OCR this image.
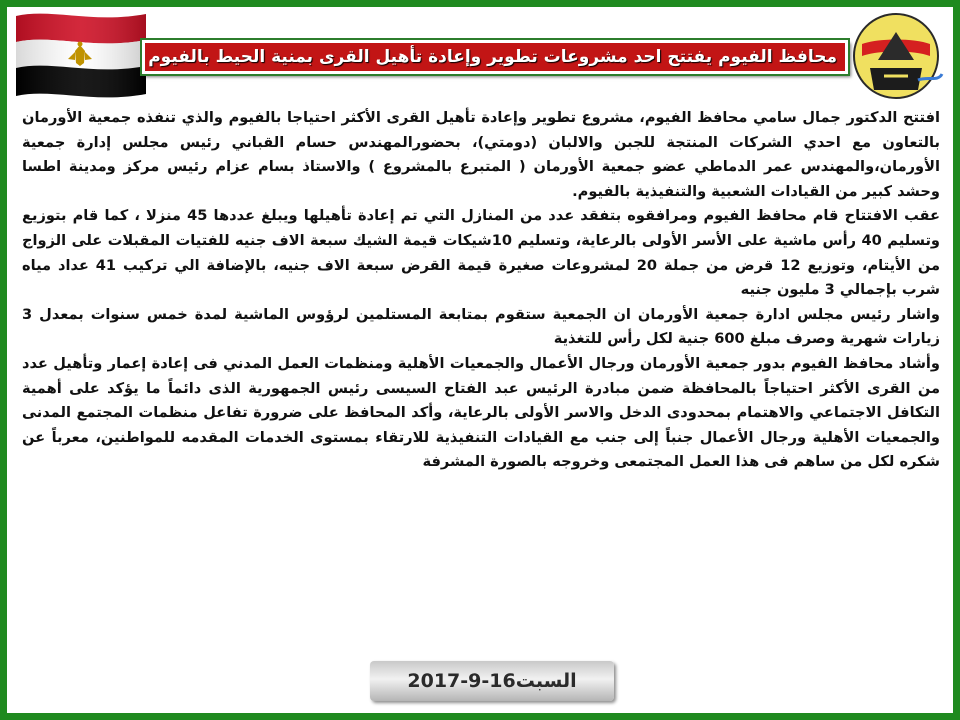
محافظ الفيوم يفتتح احد مشروعات تطوير وإعادة تأهيل القرى بمنية الحيط بالفيوم

افتتح الدكتور جمال سامي محافظ الفيوم، مشروع تطوير وإعادة تأهيل القرى الأكثر احتياجا بالفيوم والذي تنفذه جمعية الأورمان بالتعاون مع احدي الشركات المنتجة للجبن والالبان (دومتي)، بحضورالمهندس حسام القباني رئيس مجلس إدارة جمعية الأورمان،والمهندس عمر الدماطي عضو جمعية الأورمان ( المتبرع بالمشروع ) والاستاذ بسام عزام رئيس مركز ومدينة اطسا وحشد كبير من القيادات الشعبية والتنفيذية بالفيوم.

عقب الافتتاح قام محافظ الفيوم ومرافقوه بتفقد عدد من المنازل التي تم إعادة تأهيلها ويبلغ عددها 45 منزلا ، كما قام بتوزيع وتسليم 40 رأس ماشية على الأسر الأولى بالرعاية، وتسليم 10شيكات قيمة الشيك سبعة الاف جنيه للفتيات المقبلات على الزواج من الأيتام، وتوزيع 12 قرض من جملة 20 لمشروعات صغيرة قيمة القرض سبعة الاف جنيه، بالإضافة الي تركيب 41 عداد مياه شرب بإجمالي 3 مليون جنيه

واشار رئيس مجلس ادارة جمعية الأورمان ان الجمعية ستقوم بمتابعة المستلمين لرؤوس الماشية لمدة خمس سنوات بمعدل 3 زيارات شهرية وصرف مبلغ 600 جنية لكل رأس للتغذية

وأشاد محافظ الفيوم بدور جمعية الأورمان ورجال الأعمال والجمعيات الأهلية ومنظمات العمل المدني فى إعادة إعمار وتأهيل عدد من القرى الأكثر احتياجاً بالمحافظة ضمن مبادرة الرئيس عبد الفتاح السيسى رئيس الجمهورية الذى دائماً ما يؤكد على أهمية التكافل الاجتماعي والاهتمام بمحدودى الدخل والاسر الأولى بالرعاية، وأكد المحافظ على ضرورة تفاعل منظمات المجتمع المدنى والجمعيات الأهلية ورجال الأعمال جنباً إلى جنب مع القيادات التنفيذية للارتقاء بمستوى الخدمات المقدمه للمواطنين، معرباً عن شكره لكل من ساهم فى هذا العمل المجتمعى وخروجه بالصورة المشرفة

السبت16-9-2017
